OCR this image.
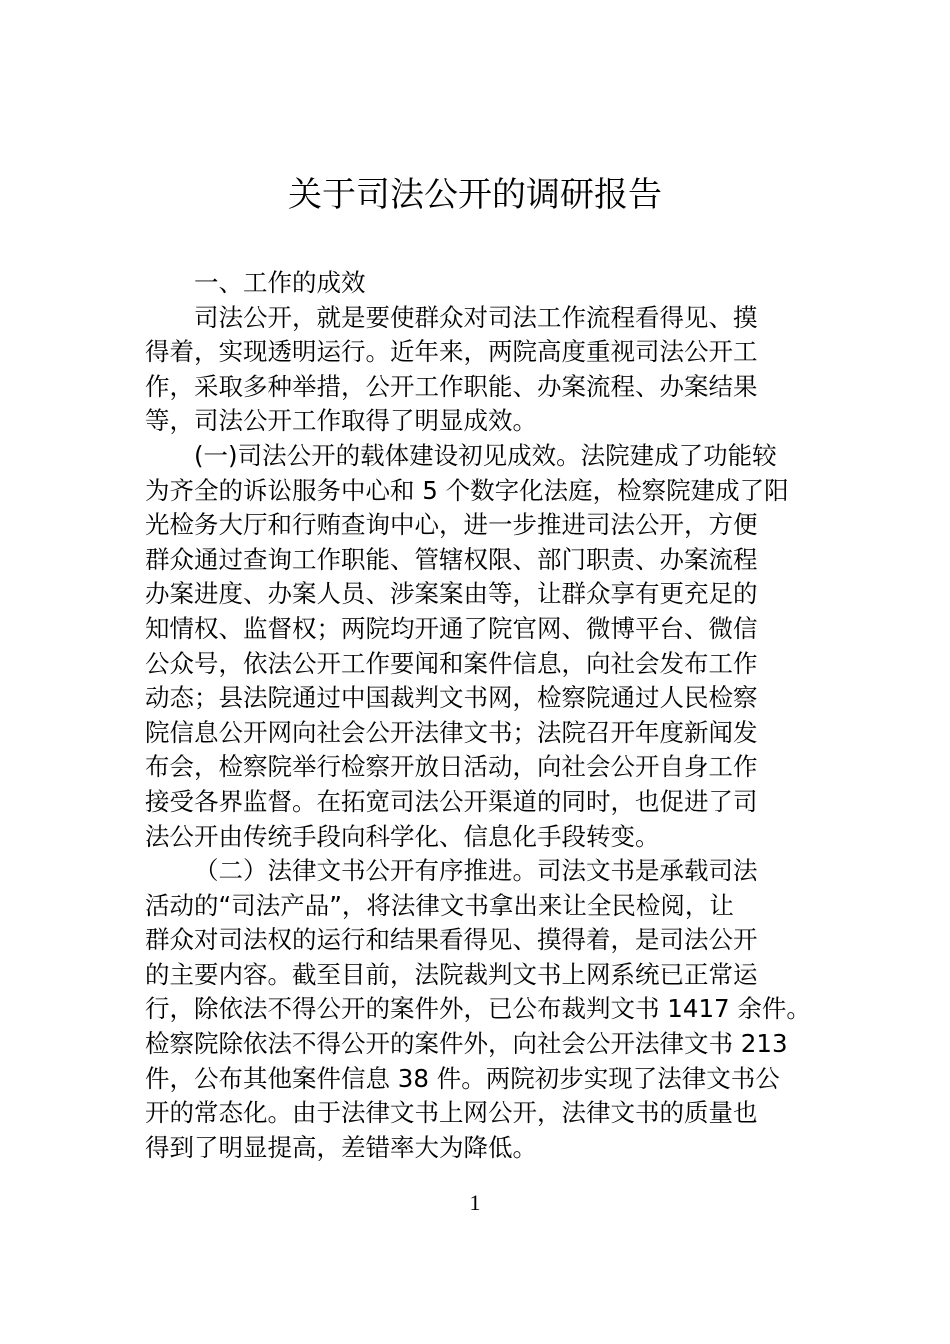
关于司法公开的调研报告
一、工作的成效
司法公开，就是要使群众对司法工作流程看得见、摸
得着，实现透明运行。近年来，两院高度重视司法公开工
作，采取多种举措，公开工作职能、办案流程、办案结果
等，司法公开工作取得了明显成效。
(一)司法公开的载体建设初见成效。法院建成了功能较
为齐全的诉讼服务中心和 5 个数字化法庭，检察院建成了阳
光检务大厅和行贿查询中心，进一步推进司法公开，方便
群众通过查询工作职能、管辖权限、部门职责、办案流程
办案进度、办案人员、涉案案由等，让群众享有更充足的
知情权、监督权；两院均开通了院官网、微博平台、微信
公众号，依法公开工作要闻和案件信息，向社会发布工作
动态；县法院通过中国裁判文书网，检察院通过人民检察
院信息公开网向社会公开法律文书；法院召开年度新闻发
布会，检察院举行检察开放日活动，向社会公开自身工作
接受各界监督。在拓宽司法公开渠道的同时，也促进了司
法公开由传统手段向科学化、信息化手段转变。
（二）法律文书公开有序推进。司法文书是承载司法
活动的“司法产品”，将法律文书拿出来让全民检阅，让
群众对司法权的运行和结果看得见、摸得着，是司法公开
的主要内容。截至目前，法院裁判文书上网系统已正常运
行，除依法不得公开的案件外，已公布裁判文书 1417 余件。
检察院除依法不得公开的案件外，向社会公开法律文书 213
件，公布其他案件信息 38 件。两院初步实现了法律文书公
开的常态化。由于法律文书上网公开，法律文书的质量也
得到了明显提高，差错率大为降低。
1
